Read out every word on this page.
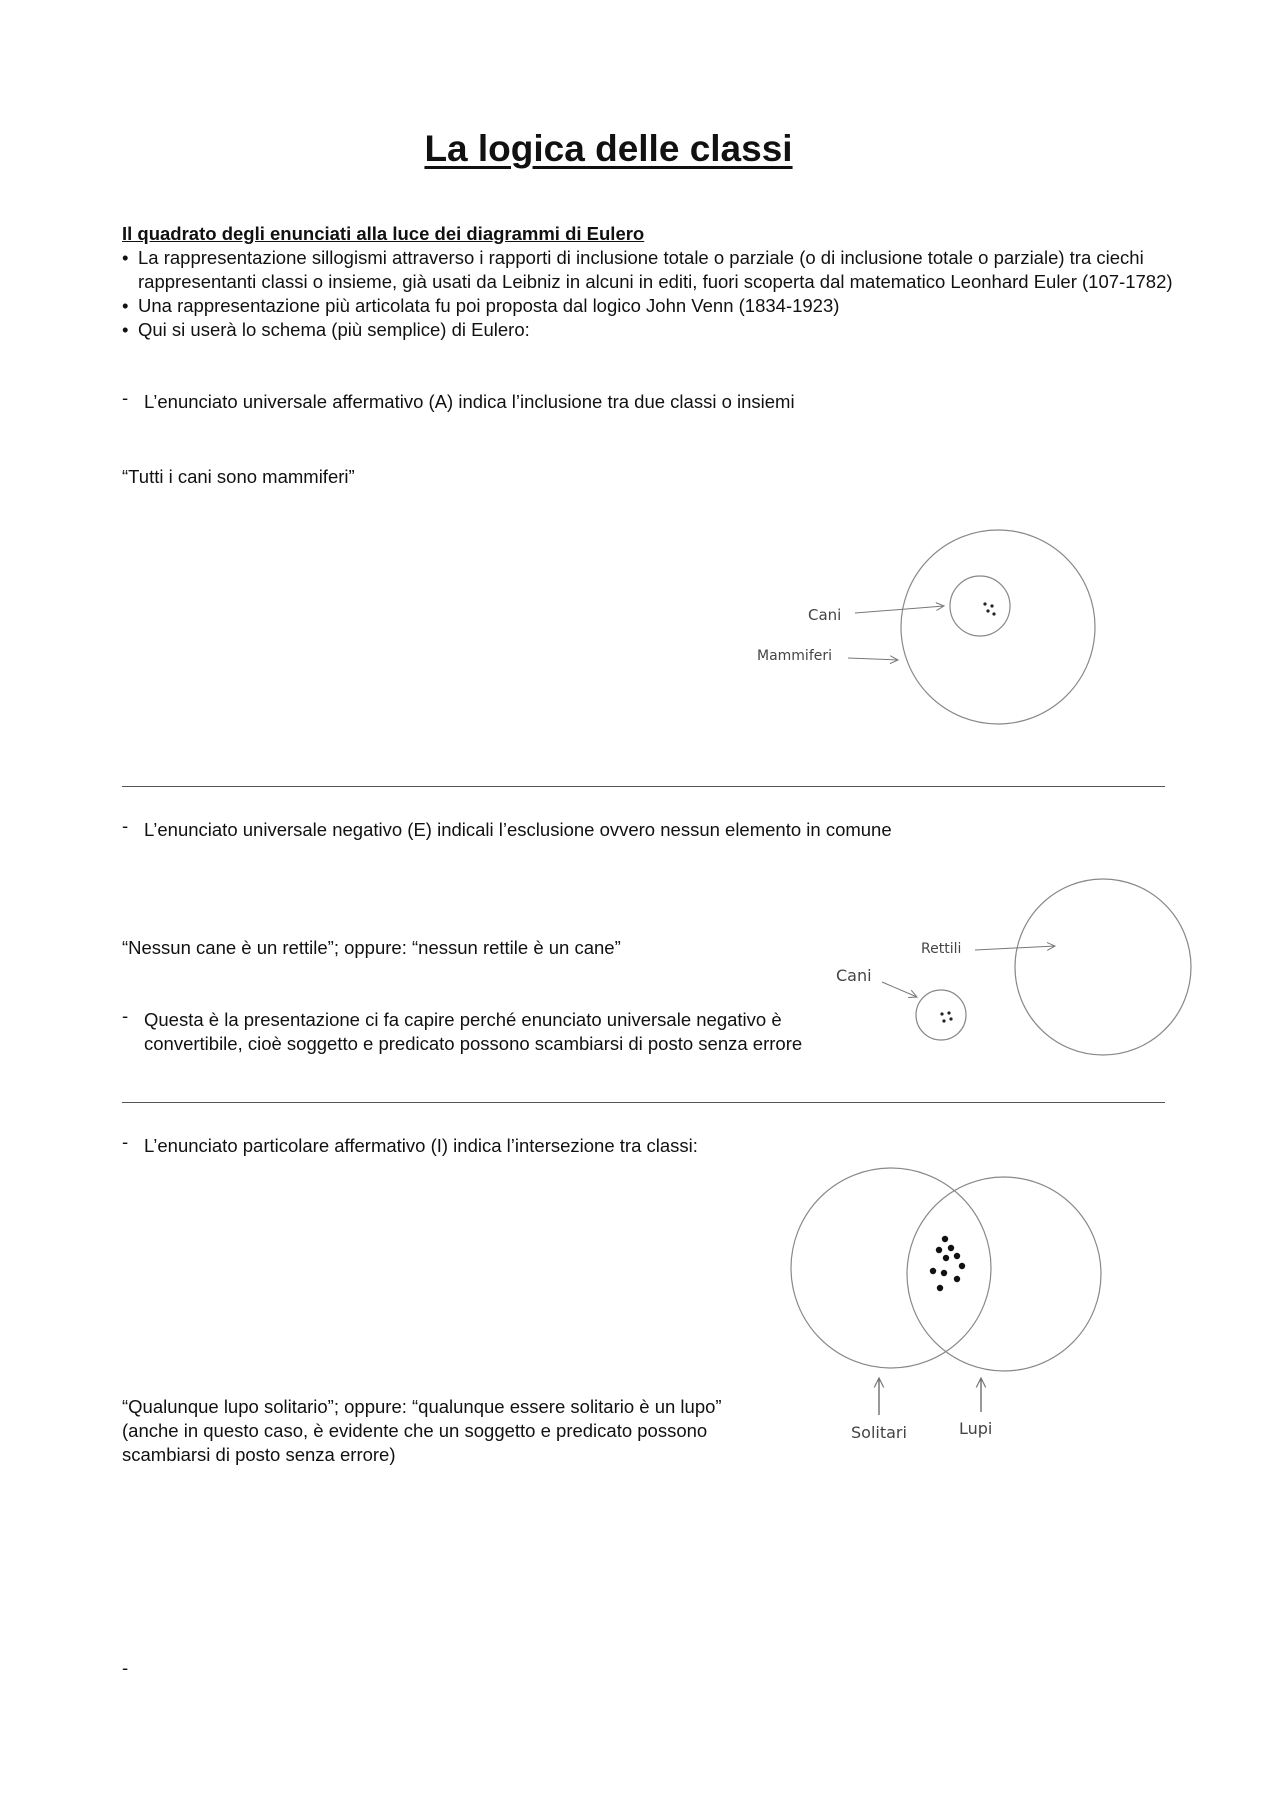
La logica delle classi
Il quadrato degli enunciati alla luce dei diagrammi di Eulero
• La rappresentazione sillogismi attraverso i rapporti di inclusione totale o parziale (o di inclusione totale o parziale) tra ciechi rappresentanti classi o insieme, già usati da Leibniz in alcuni in editi, fuori scoperta dal matematico Leonhard Euler (107-1782)
• Una rappresentazione più articolata fu poi proposta dal logico John Venn (1834-1923)
• Qui si userà lo schema (più semplice) di Eulero:
- L’enunciato universale affermativo (A) indica l’inclusione tra due classi o insiemi
“Tutti i cani sono mammiferi”
- L’enunciato universale negativo (E) indicali l’esclusione ovvero nessun elemento in comune
“Nessun cane è un rettile”; oppure: “nessun rettile è un cane”
- Questa è la presentazione ci fa capire perché enunciato universale negativo è convertibile, cioè soggetto e predicato possono scambiarsi di posto senza errore
- L’enunciato particolare affermativo (I) indica l’intersezione tra classi:
“Qualunque lupo solitario”; oppure: “qualunque essere solitario è un lupo” (anche in questo caso, è evidente che un soggetto e predicato possono scambiarsi di posto senza errore)
-
Cani
Mammiferi
Rettili
Cani
Solitari	Lupi
